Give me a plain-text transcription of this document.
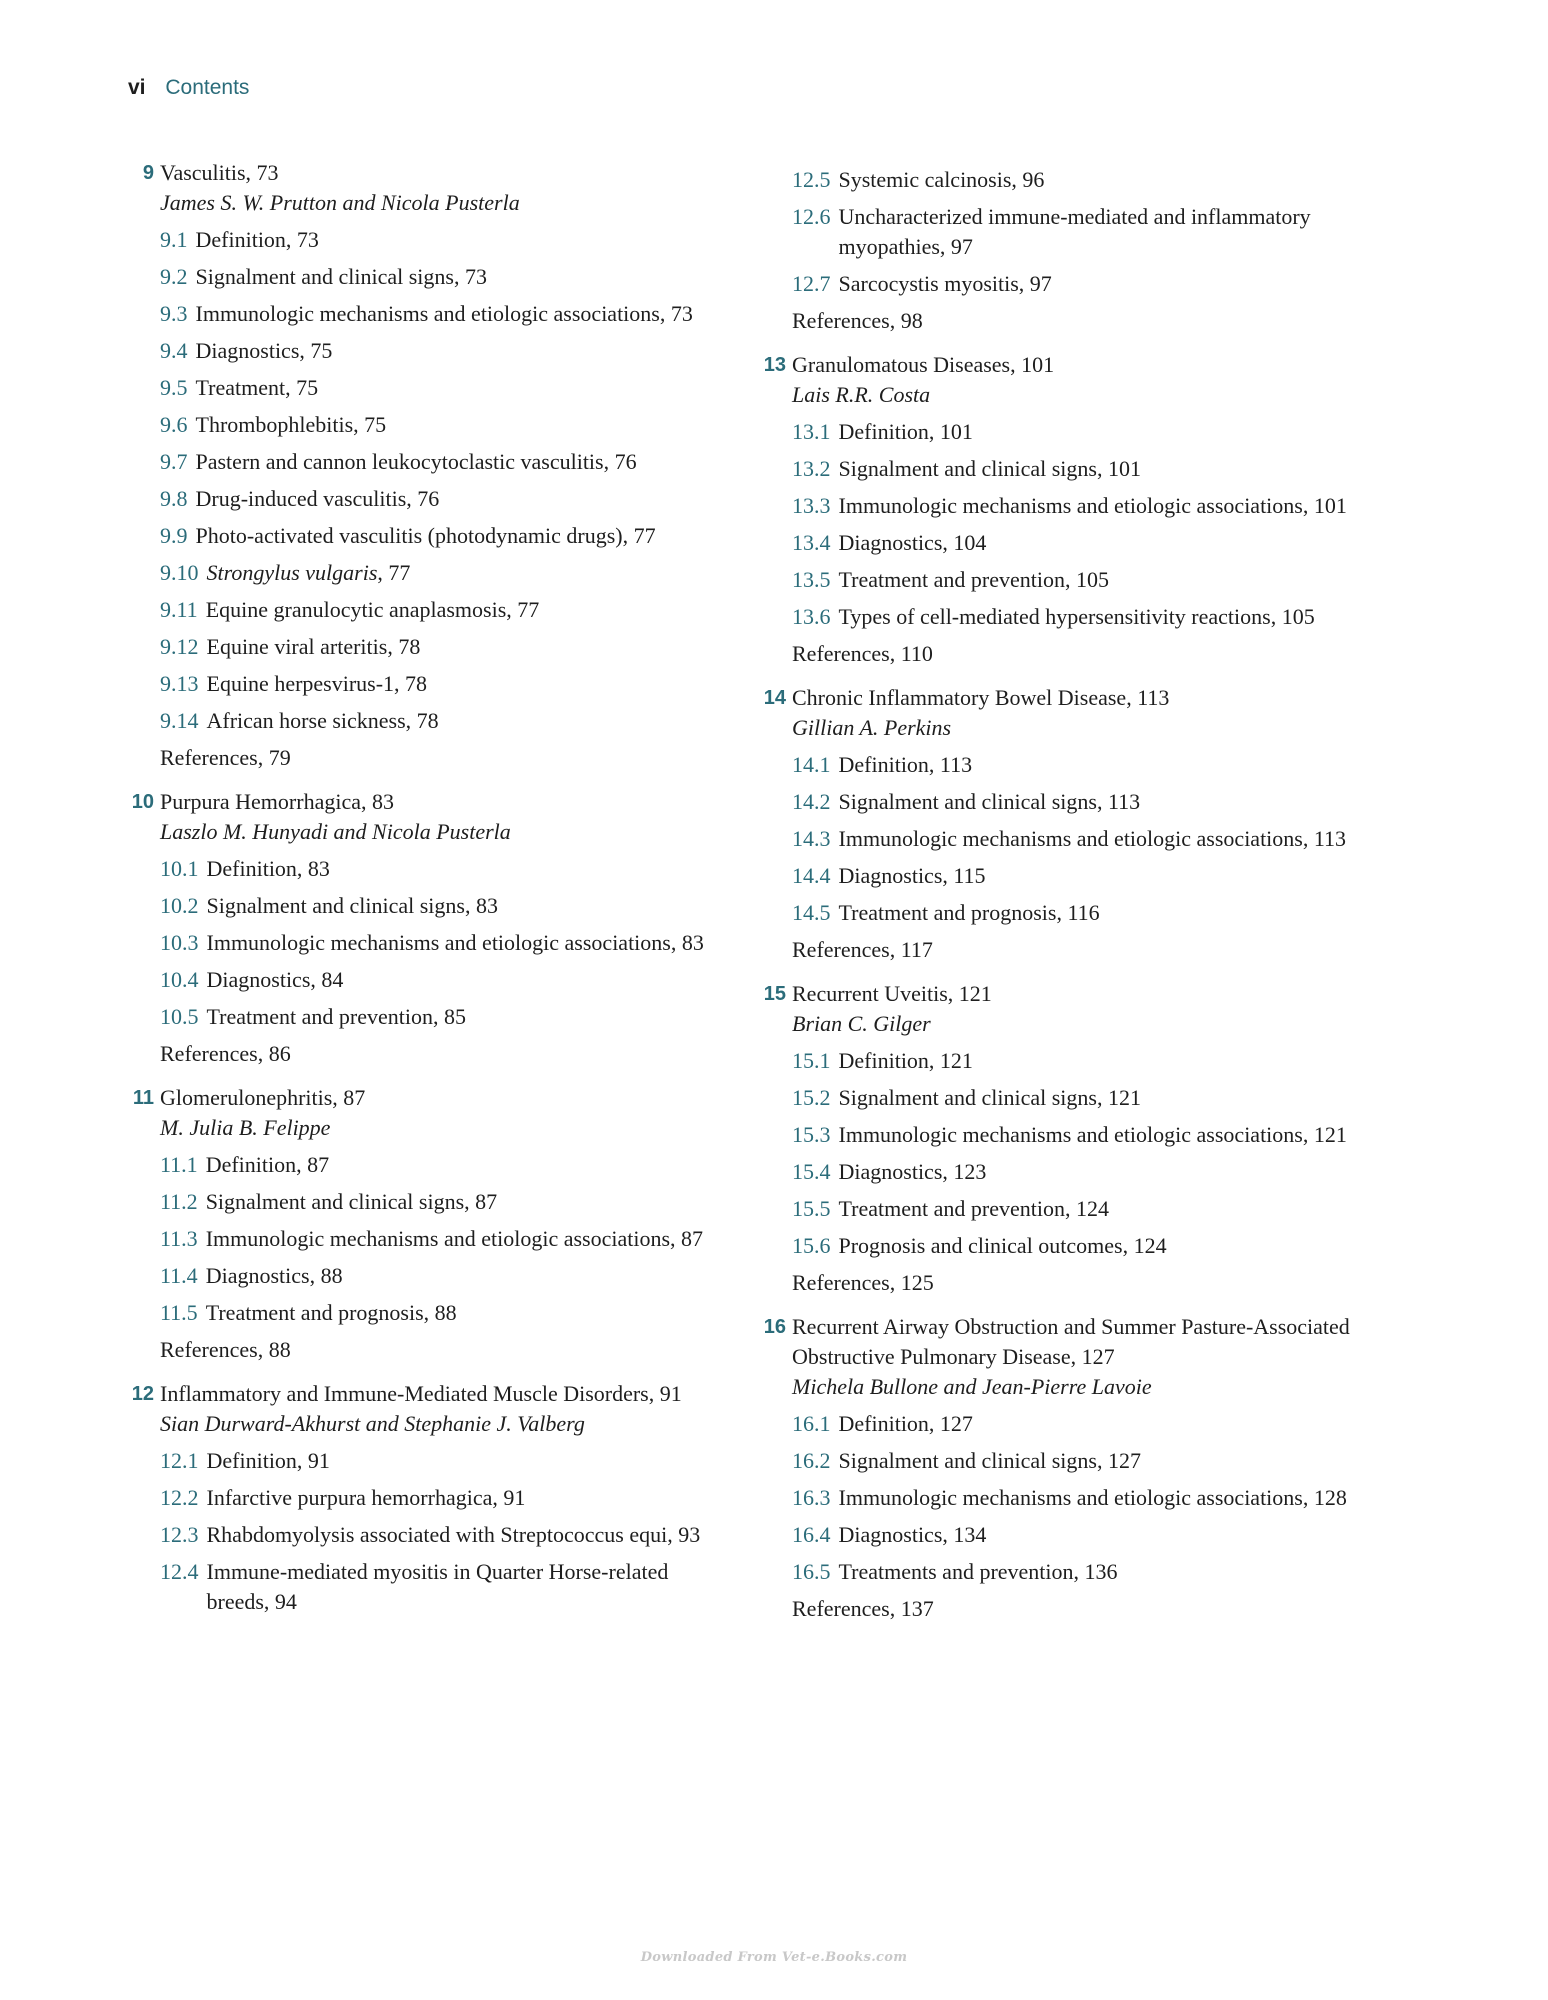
vi Contents
9 Vasculitis, 73
James S. W. Prutton and Nicola Pusterla
9.1 Definition, 73
9.2 Signalment and clinical signs, 73
9.3 Immunologic mechanisms and etiologic associations, 73
9.4 Diagnostics, 75
9.5 Treatment, 75
9.6 Thrombophlebitis, 75
9.7 Pastern and cannon leukocytoclastic vasculitis, 76
9.8 Drug-induced vasculitis, 76
9.9 Photo-activated vasculitis (photodynamic drugs), 77
9.10 Strongylus vulgaris, 77
9.11 Equine granulocytic anaplasmosis, 77
9.12 Equine viral arteritis, 78
9.13 Equine herpesvirus-1, 78
9.14 African horse sickness, 78
References, 79
10 Purpura Hemorrhagica, 83
Laszlo M. Hunyadi and Nicola Pusterla
10.1 Definition, 83
10.2 Signalment and clinical signs, 83
10.3 Immunologic mechanisms and etiologic associations, 83
10.4 Diagnostics, 84
10.5 Treatment and prevention, 85
References, 86
11 Glomerulonephritis, 87
M. Julia B. Felippe
11.1 Definition, 87
11.2 Signalment and clinical signs, 87
11.3 Immunologic mechanisms and etiologic associations, 87
11.4 Diagnostics, 88
11.5 Treatment and prognosis, 88
References, 88
12 Inflammatory and Immune-Mediated Muscle Disorders, 91
Sian Durward-Akhurst and Stephanie J. Valberg
12.1 Definition, 91
12.2 Infarctive purpura hemorrhagica, 91
12.3 Rhabdomyolysis associated with Streptococcus equi, 93
12.4 Immune-mediated myositis in Quarter Horse-related breeds, 94
12.5 Systemic calcinosis, 96
12.6 Uncharacterized immune-mediated and inflammatory myopathies, 97
12.7 Sarcocystis myositis, 97
References, 98
13 Granulomatous Diseases, 101
Lais R.R. Costa
13.1 Definition, 101
13.2 Signalment and clinical signs, 101
13.3 Immunologic mechanisms and etiologic associations, 101
13.4 Diagnostics, 104
13.5 Treatment and prevention, 105
13.6 Types of cell-mediated hypersensitivity reactions, 105
References, 110
14 Chronic Inflammatory Bowel Disease, 113
Gillian A. Perkins
14.1 Definition, 113
14.2 Signalment and clinical signs, 113
14.3 Immunologic mechanisms and etiologic associations, 113
14.4 Diagnostics, 115
14.5 Treatment and prognosis, 116
References, 117
15 Recurrent Uveitis, 121
Brian C. Gilger
15.1 Definition, 121
15.2 Signalment and clinical signs, 121
15.3 Immunologic mechanisms and etiologic associations, 121
15.4 Diagnostics, 123
15.5 Treatment and prevention, 124
15.6 Prognosis and clinical outcomes, 124
References, 125
16 Recurrent Airway Obstruction and Summer Pasture-Associated Obstructive Pulmonary Disease, 127
Michela Bullone and Jean-Pierre Lavoie
16.1 Definition, 127
16.2 Signalment and clinical signs, 127
16.3 Immunologic mechanisms and etiologic associations, 128
16.4 Diagnostics, 134
16.5 Treatments and prevention, 136
References, 137
Downloaded From Vet-e.Books.com
